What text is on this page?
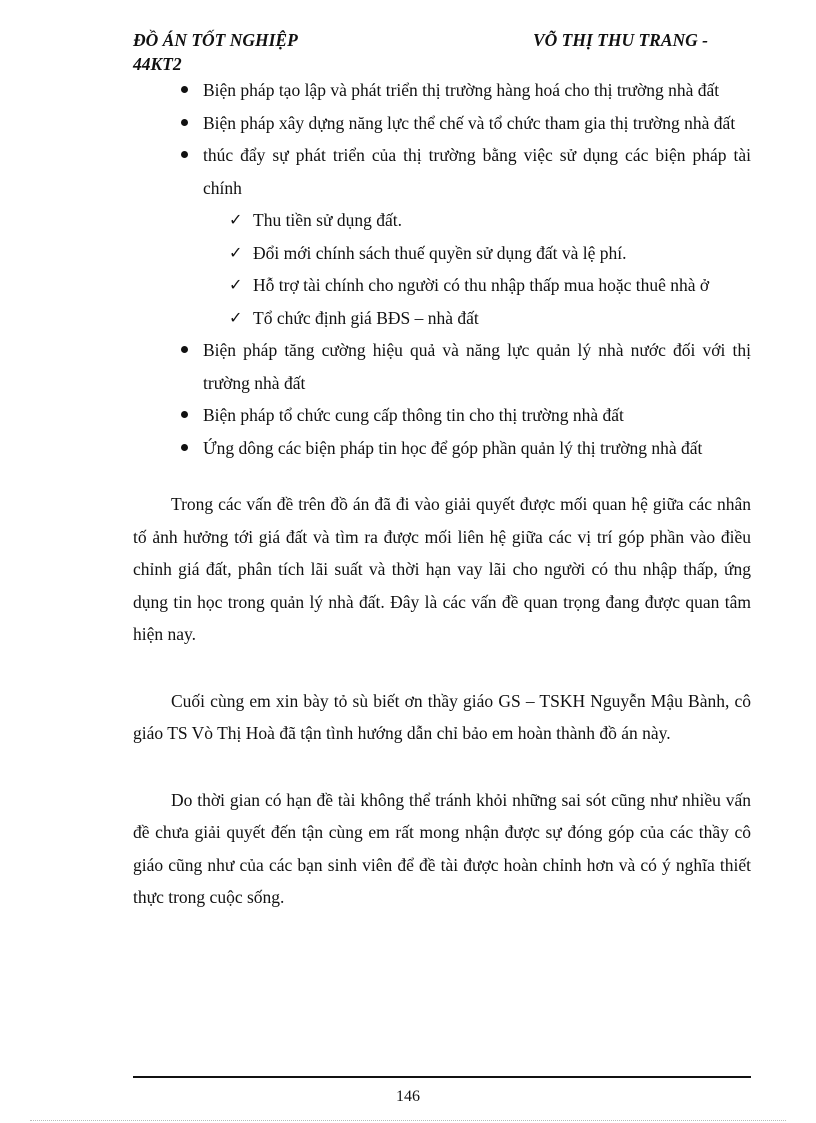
ĐỒ ÁN TỐT NGHIỆP	VÕ THỊ THU TRANG -
44KT2
Biện pháp tạo lập và phát triển thị trường hàng hoá cho thị trường nhà đất
Biện pháp xây dựng năng lực thể chế và tổ chức tham gia thị trường nhà đất
thúc đẩy sự phát triển của thị trường bằng việc sử dụng các biện pháp tài chính
✓ Thu tiền sử dụng đất.
✓ Đổi mới chính sách thuế quyền sử dụng đất và lệ phí.
✓ Hỗ trợ tài chính cho người có thu nhập thấp mua hoặc thuê nhà ở
✓ Tổ chức định giá BĐS – nhà đất
Biện pháp tăng cường hiệu quả và năng lực quản lý nhà nước đối với thị trường nhà đất
Biện pháp tổ chức cung cấp thông tin cho thị trường nhà đất
Ứng dông các biện pháp tin học để góp phần quản lý thị trường nhà đất

Trong các vấn đề trên đồ án đã đi vào giải quyết được mối quan hệ giữa các nhân tố ảnh hưởng tới giá đất và tìm ra được mối liên hệ giữa các vị trí góp phần vào điều chỉnh giá đất, phân tích lãi suất và thời hạn vay lãi cho người có thu nhập thấp, ứng dụng tin học trong quản lý nhà đất. Đây là các vấn đề quan trọng đang được quan tâm hiện nay.

Cuối cùng em xin bày tỏ sù biết ơn thầy giáo GS – TSKH Nguyễn Mậu Bành, cô giáo TS Vò Thị Hoà đã tận tình hướng dẫn chỉ bảo em hoàn thành đồ án này.

Do thời gian có hạn đề tài không thể tránh khỏi những sai sót cũng như nhiều vấn đề chưa giải quyết đến tận cùng em rất mong nhận được sự đóng góp của các thầy cô giáo cũng như của các bạn sinh viên để đề tài được hoàn chỉnh hơn và có ý nghĩa thiết thực trong cuộc sống.

146
